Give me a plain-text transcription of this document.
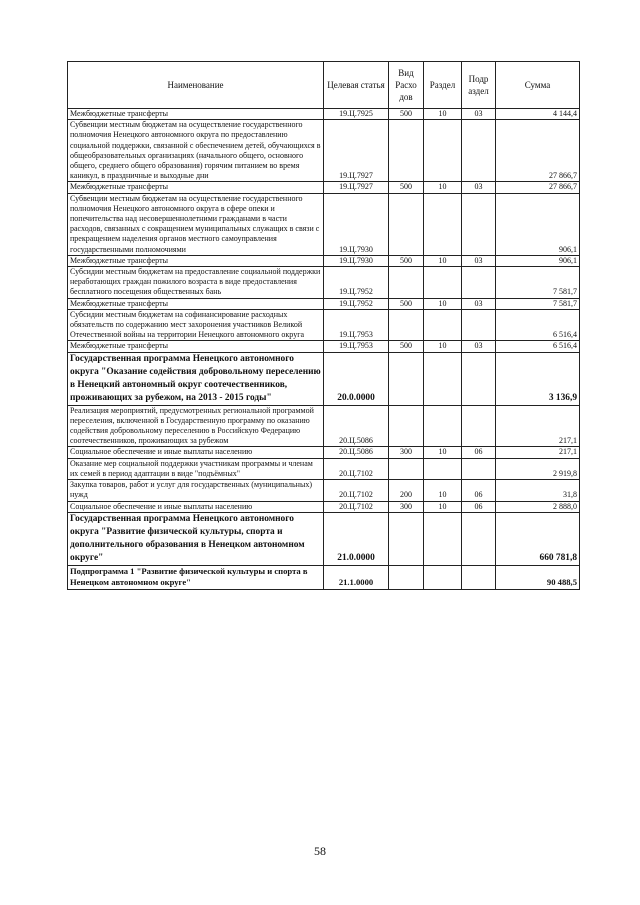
Наименование	Целевая статья	Вид Расхо дов	Раздел	Подр аздел	Сумма
Межбюджетные трансферты	19.Ц.7925	500	10	03	4 144,4
Субвенции местным бюджетам на осуществление государственного полномочия Ненецкого автономного округа по предоставлению социальной поддержки, связанной с обеспечением детей, обучающихся в общеобразовательных организациях (начального общего, основного общего, среднего общего образования) горячим питанием во время каникул, в праздничные и выходные дни	19.Ц.7927				27 866,7
Межбюджетные трансферты	19.Ц.7927	500	10	03	27 866,7
Субвенции местным бюджетам на осуществление государственного полномочия Ненецкого автономного округа в сфере опеки и попечительства над несовершеннолетними гражданами в части расходов, связанных с сокращением муниципальных служащих в связи с прекращением наделения органов местного самоуправления государственными полномочиями	19.Ц.7930				906,1
Межбюджетные трансферты	19.Ц.7930	500	10	03	906,1
Субсидии местным бюджетам на предоставление социальной поддержки неработающих граждан пожилого возраста в виде предоставления бесплатного посещения общественных бань	19.Ц.7952				7 581,7
Межбюджетные трансферты	19.Ц.7952	500	10	03	7 581,7
Субсидии местным бюджетам на софинансирование расходных обязательств по содержанию мест захоронения участников Великой Отечественной войны на территории Ненецкого автономного округа	19.Ц.7953				6 516,4
Межбюджетные трансферты	19.Ц.7953	500	10	03	6 516,4
Государственная программа Ненецкого автономного округа "Оказание содействия добровольному переселению в Ненецкий автономный округ соотечественников, проживающих за рубежом, на 2013 - 2015 годы"	20.0.0000				3 136,9
Реализация мероприятий, предусмотренных региональной программой переселения, включенной в Государственную программу по оказанию содействия добровольному переселению в Российскую Федерацию соотечественников, проживающих за рубежом	20.Ц.5086				217,1
Социальное обеспечение и иные выплаты населению	20.Ц.5086	300	10	06	217,1
Оказание мер социальной поддержки участникам программы и членам их семей в период адаптации в виде "подъёмных"	20.Ц.7102				2 919,8
Закупка товаров, работ и услуг для государственных (муниципальных) нужд	20.Ц.7102	200	10	06	31,8
Социальное обеспечение и иные выплаты населению	20.Ц.7102	300	10	06	2 888,0
Государственная программа Ненецкого автономного округа "Развитие физической культуры, спорта и дополнительного образования в Ненецком автономном округе"	21.0.0000				660 781,8
Подпрограмма 1 "Развитие физической культуры и спорта в Ненецком автономном округе"	21.1.0000				90 488,5
58
